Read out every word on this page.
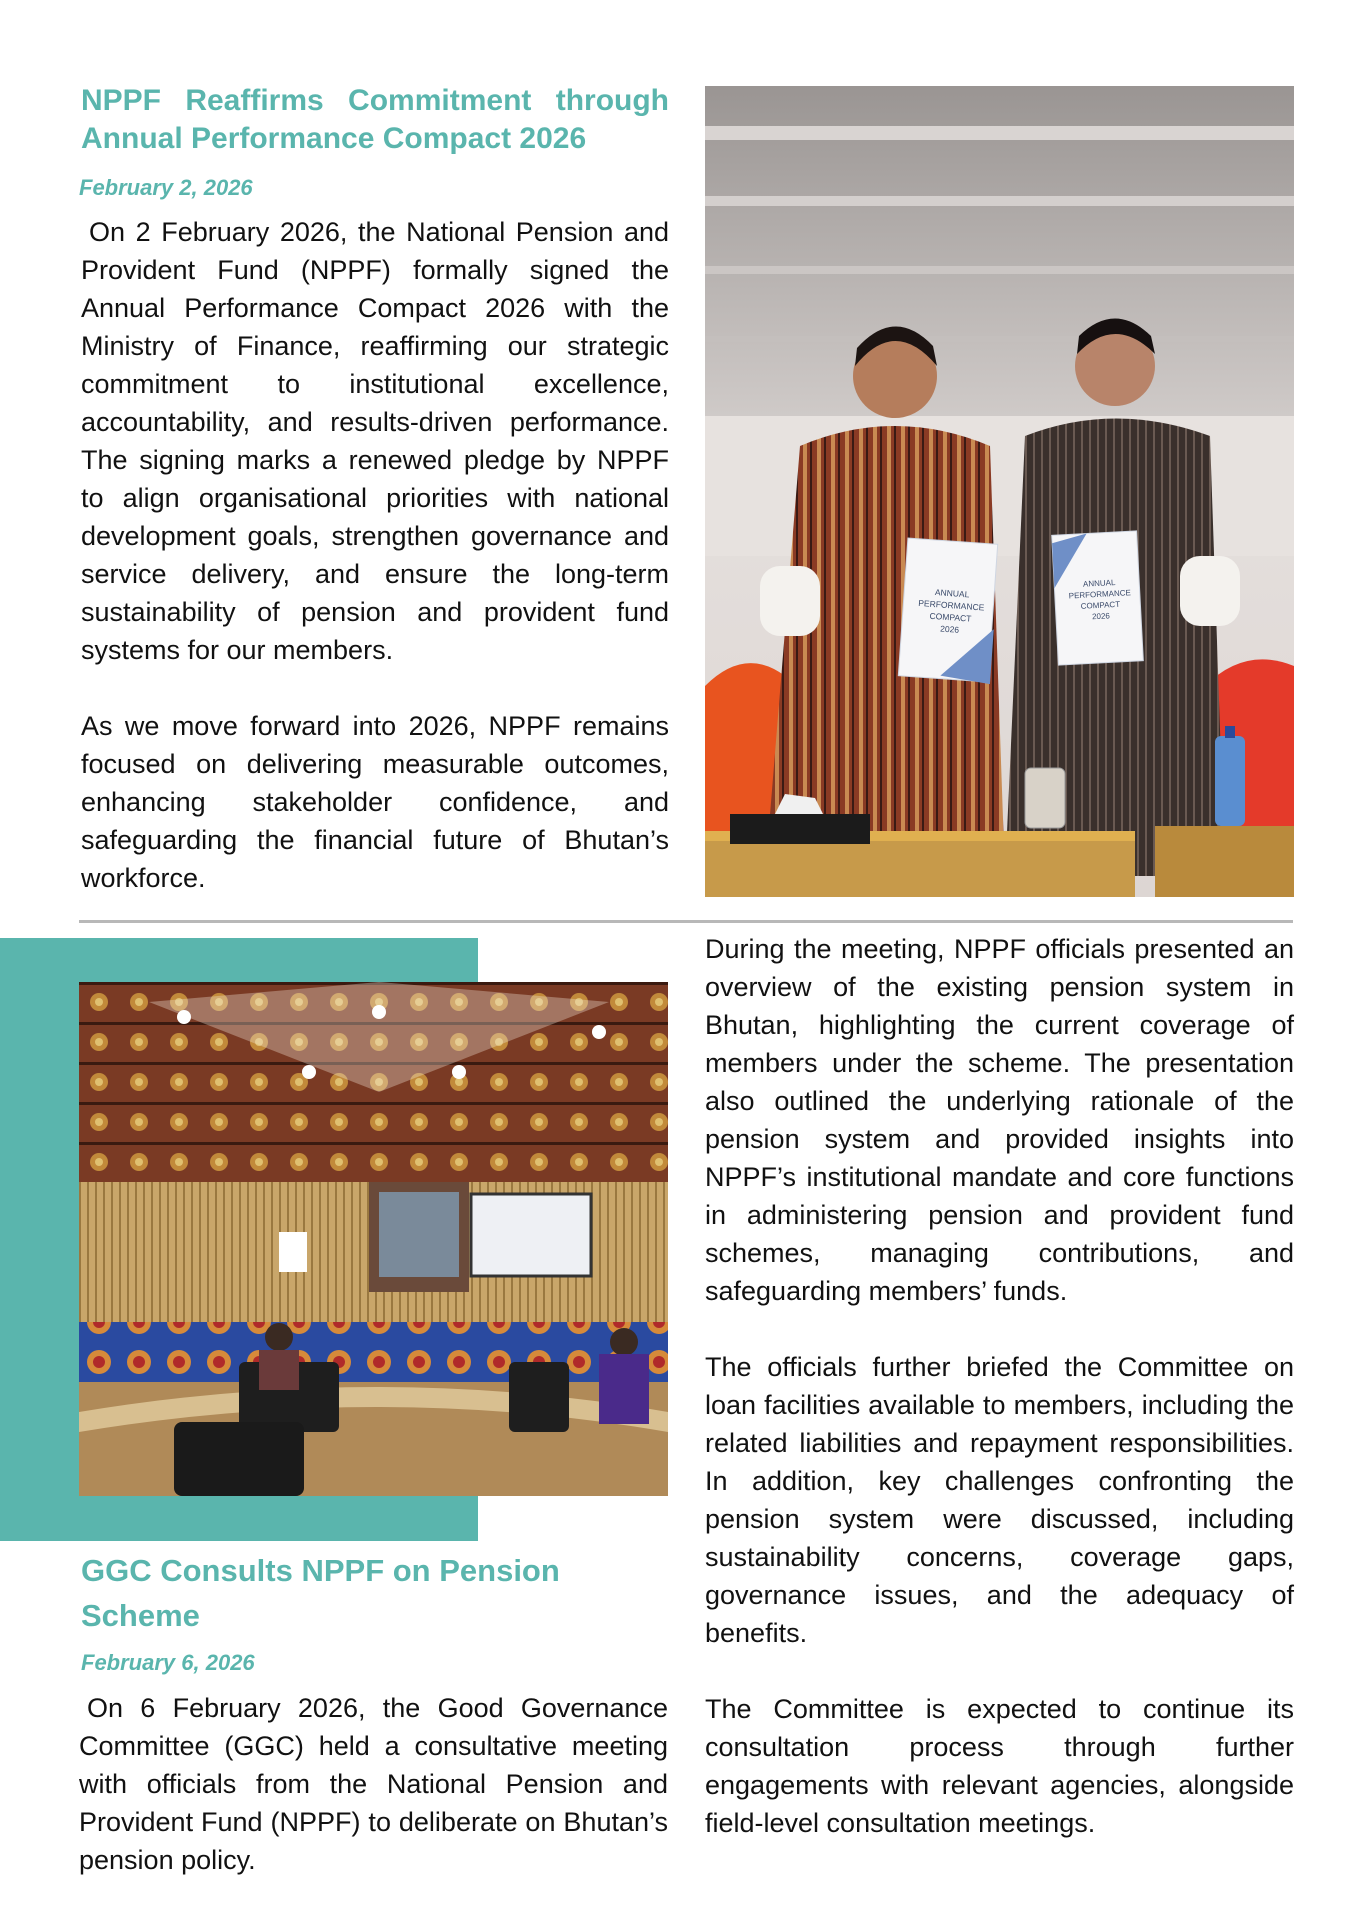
NPPF Reaffirms Commitment through Annual Performance Compact 2026
February 2, 2026

On 2 February 2026, the National Pension and Provident Fund (NPPF) formally signed the Annual Performance Compact 2026 with the Ministry of Finance, reaffirming our strategic commitment to institutional excellence, accountability, and results-driven performance. The signing marks a renewed pledge by NPPF to align organisational priorities with national development goals, strengthen governance and service delivery, and ensure the long-term sustainability of pension and provident fund systems for our members.

As we move forward into 2026, NPPF remains focused on delivering measurable outcomes, enhancing stakeholder confidence, and safeguarding the financial future of Bhutan’s workforce.

ANNUAL
PERFORMANCE
COMPACT
2026
ANNUAL
PERFORMANCE
COMPACT
2026
GGC Consults NPPF on Pension Scheme
February 6, 2026

On 6 February 2026, the Good Governance Committee (GGC) held a consultative meeting with officials from the National Pension and Provident Fund (NPPF) to deliberate on Bhutan’s pension policy.

During the meeting, NPPF officials presented an overview of the existing pension system in Bhutan, highlighting the current coverage of members under the scheme. The presentation also outlined the underlying rationale of the pension system and provided insights into NPPF’s institutional mandate and core functions in administering pension and provident fund schemes, managing contributions, and safeguarding members’ funds.

The officials further briefed the Committee on loan facilities available to members, including the related liabilities and repayment responsibilities. In addition, key challenges confronting the pension system were discussed, including sustainability concerns, coverage gaps, governance issues, and the adequacy of benefits.

The Committee is expected to continue its consultation process through further engagements with relevant agencies, alongside field-level consultation meetings.
